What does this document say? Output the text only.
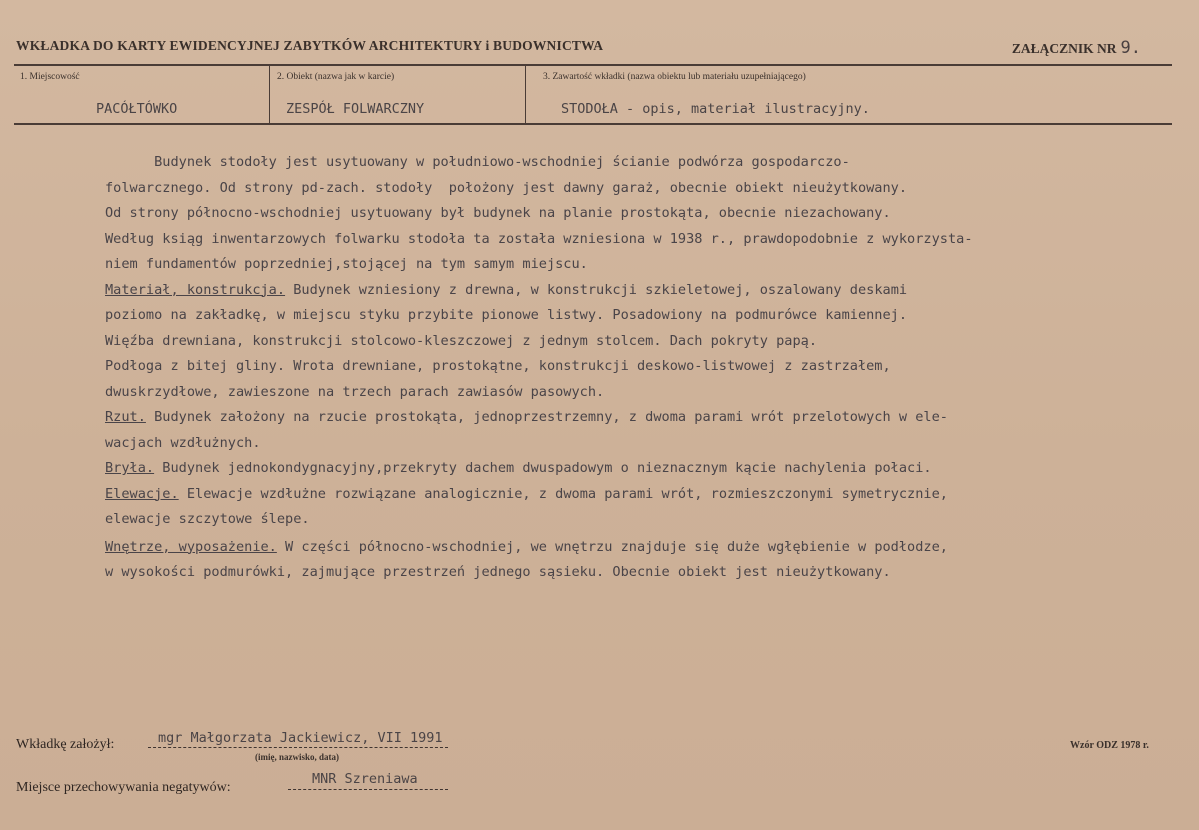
WKŁADKA DO KARTY EWIDENCYJNEJ ZABYTKÓW ARCHITEKTURY i BUDOWNICTWA	ZAŁĄCZNIK NR 9.
1. Miejscowość
PACÓŁTÓWKO
2. Obiekt (nazwa jak w karcie)
ZESPÓŁ FOLWARCZNY
3. Zawartość wkładki (nazwa obiektu lub materiału uzupełniającego)
STODOŁA - opis, materiał ilustracyjny.

Budynek stodoły jest usytuowany w południowo-wschodniej ścianie podwórza gospodarczo-

folwarcznego. Od strony pd-zach. stodoły  położony jest dawny garaż, obecnie obiekt nieużytkowany.

Od strony północno-wschodniej usytuowany był budynek na planie prostokąta, obecnie niezachowany.

Według ksiąg inwentarzowych folwarku stodoła ta została wzniesiona w 1938 r., prawdopodobnie z wykorzysta-

niem fundamentów poprzedniej,stojącej na tym samym miejscu.

Materiał, konstrukcja. Budynek wzniesiony z drewna, w konstrukcji szkieletowej, oszalowany deskami

poziomo na zakładkę, w miejscu styku przybite pionowe listwy. Posadowiony na podmurówce kamiennej.

Więźba drewniana, konstrukcji stolcowo-kleszczowej z jednym stolcem. Dach pokryty papą.

Podłoga z bitej gliny. Wrota drewniane, prostokątne, konstrukcji deskowo-listwowej z zastrzałem,

dwuskrzydłowe, zawieszone na trzech parach zawiasów pasowych.

Rzut. Budynek założony na rzucie prostokąta, jednoprzestrzemny, z dwoma parami wrót przelotowych w ele-

wacjach wzdłużnych.

Bryła. Budynek jednokondygnacyjny,przekryty dachem dwuspadowym o nieznacznym kącie nachylenia połaci.

Elewacje. Elewacje wzdłużne rozwiązane analogicznie, z dwoma parami wrót, rozmieszczonymi symetrycznie,

elewacje szczytowe ślepe.

Wnętrze, wyposażenie. W części północno-wschodniej, we wnętrzu znajduje się duże wgłębienie w podłodze,

w wysokości podmurówki, zajmujące przestrzeń jednego sąsieku. Obecnie obiekt jest nieużytkowany.

Wkładkę założył:	mgr Małgorzata Jackiewicz, VII 1991
(imię, nazwisko, data)
Miejsce przechowywania negatywów:
MNR Szreniawa
Wzór ODZ 1978 r.
